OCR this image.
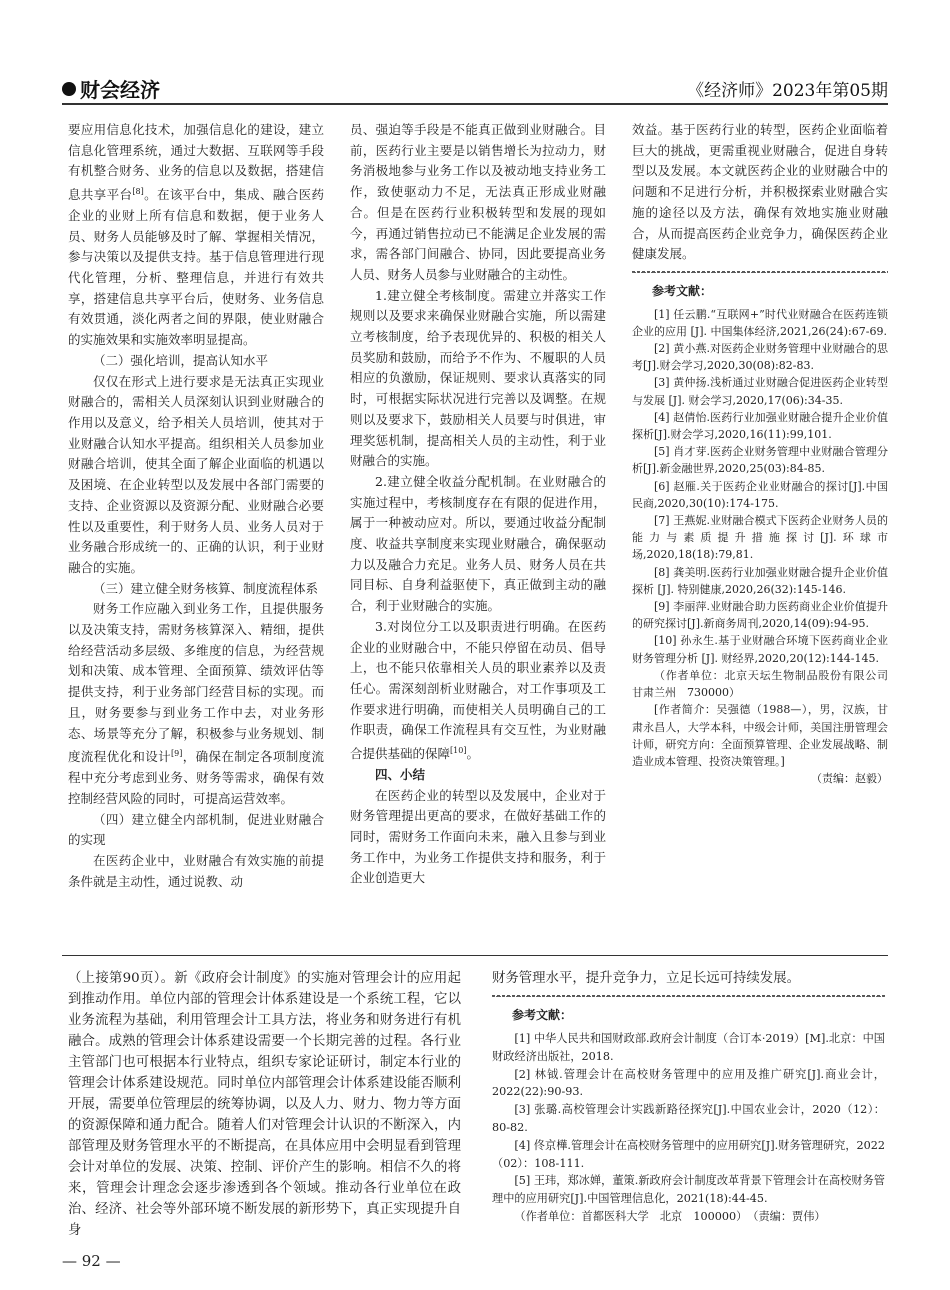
财会经济	《经济师》2023年第05期

要应用信息化技术，加强信息化的建设，建立信息化管理系统，通过大数据、互联网等手段有机整合财务、业务的信息以及数据，搭建信息共享平台[8]。在该平台中，集成、融合医药企业的业财上所有信息和数据，便于业务人员、财务人员能够及时了解、掌握相关情况，参与决策以及提供支持。基于信息管理进行现代化管理，分析、整理信息，并进行有效共享，搭建信息共享平台后，使财务、业务信息有效贯通，淡化两者之间的界限，使业财融合的实施效果和实施效率明显提高。

（二）强化培训，提高认知水平

仅仅在形式上进行要求是无法真正实现业财融合的，需相关人员深刻认识到业财融合的作用以及意义，给予相关人员培训，使其对于业财融合认知水平提高。组织相关人员参加业财融合培训，使其全面了解企业面临的机遇以及困境、在企业转型以及发展中各部门需要的支持、企业资源以及资源分配、业财融合必要性以及重要性，利于财务人员、业务人员对于业务融合形成统一的、正确的认识，利于业财融合的实施。

（三）建立健全财务核算、制度流程体系

财务工作应融入到业务工作，且提供服务以及决策支持，需财务核算深入、精细，提供给经营活动多层级、多维度的信息，为经营规划和决策、成本管理、全面预算、绩效评估等提供支持，利于业务部门经营目标的实现。而且，财务要参与到业务工作中去，对业务形态、场景等充分了解，积极参与业务规划、制度流程优化和设计[9]，确保在制定各项制度流程中充分考虑到业务、财务等需求，确保有效控制经营风险的同时，可提高运营效率。

（四）建立健全内部机制，促进业财融合的实现

在医药企业中，业财融合有效实施的前提条件就是主动性，通过说教、动

员、强迫等手段是不能真正做到业财融合。目前，医药行业主要是以销售增长为拉动力，财务消极地参与业务工作以及被动地支持业务工作，致使驱动力不足，无法真正形成业财融合。但是在医药行业积极转型和发展的现如今，再通过销售拉动已不能满足企业发展的需求，需各部门间融合、协同，因此要提高业务人员、财务人员参与业财融合的主动性。

1.建立健全考核制度。需建立并落实工作规则以及要求来确保业财融合实施，所以需建立考核制度，给予表现优异的、积极的相关人员奖励和鼓励，而给予不作为、不履职的人员相应的负激励，保证规则、要求认真落实的同时，可根据实际状况进行完善以及调整。在规则以及要求下，鼓励相关人员要与时俱进，审理奖惩机制，提高相关人员的主动性，利于业财融合的实施。

2.建立健全收益分配机制。在业财融合的实施过程中，考核制度存在有限的促进作用，属于一种被动应对。所以，要通过收益分配制度、收益共享制度来实现业财融合，确保驱动力以及融合力充足。业务人员、财务人员在共同目标、自身利益驱使下，真正做到主动的融合，利于业财融合的实施。

3.对岗位分工以及职责进行明确。在医药企业的业财融合中，不能只停留在动员、倡导上，也不能只依靠相关人员的职业素养以及责任心。需深刻剖析业财融合，对工作事项及工作要求进行明确，而使相关人员明确自己的工作职责，确保工作流程具有交互性，为业财融合提供基础的保障[10]。

四、小结

在医药企业的转型以及发展中，企业对于财务管理提出更高的要求，在做好基础工作的同时，需财务工作面向未来，融入且参与到业务工作中，为业务工作提供支持和服务，利于企业创造更大

效益。基于医药行业的转型，医药企业面临着巨大的挑战，更需重视业财融合，促进自身转型以及发展。本文就医药企业的业财融合中的问题和不足进行分析，并积极探索业财融合实施的途径以及方法，确保有效地实施业财融合，从而提高医药企业竞争力，确保医药企业健康发展。

参考文献：

[1] 任云鹏.“互联网+”时代业财融合在医药连锁企业的应用 [J]. 中国集体经济,2021,26(24):67-69.

[2] 黄小燕.对医药企业财务管理中业财融合的思考[J].财会学习,2020,30(08):82-83.

[3] 黄仲扬.浅析通过业财融合促进医药企业转型与发展 [J]. 财会学习,2020,17(06):34-35.

[4] 赵倩怡.医药行业加强业财融合提升企业价值探析[J].财会学习,2020,16(11):99,101.

[5] 肖才芽.医药企业财务管理中业财融合管理分析[J].新金融世界,2020,25(03):84-85.

[6] 赵雁.关于医药企业业财融合的探讨[J].中国民商,2020,30(10):174-175.

[7] 王燕妮.业财融合模式下医药企业财务人员的能力与素质提升措施探讨[J].环球市场,2020,18(18):79,81.

[8] 龚美明.医药行业加强业财融合提升企业价值探析 [J]. 特别健康,2020,26(32):145-146.

[9] 李丽萍.业财融合助力医药商业企业价值提升的研究探讨[J].新商务周刊,2020,14(09):94-95.

[10] 孙永生.基于业财融合环境下医药商业企业财务管理分析 [J]. 财经界,2020,20(12):144-145.

（作者单位：北京天坛生物制品股份有限公司　甘肃兰州　730000）

[作者简介：吴强德（1988—），男，汉族，甘肃永昌人，大学本科，中级会计师，美国注册管理会计师，研究方向：全面预算管理、企业发展战略、制造业成本管理、投资决策管理。]

（责编：赵毅）

（上接第90页）。新《政府会计制度》的实施对管理会计的应用起到推动作用。单位内部的管理会计体系建设是一个系统工程，它以业务流程为基础，利用管理会计工具方法，将业务和财务进行有机融合。成熟的管理会计体系建设需要一个长期完善的过程。各行业主管部门也可根据本行业特点，组织专家论证研讨，制定本行业的管理会计体系建设规范。同时单位内部管理会计体系建设能否顺利开展，需要单位管理层的统筹协调，以及人力、财力、物力等方面的资源保障和通力配合。随着人们对管理会计认识的不断深入，内部管理及财务管理水平的不断提高，在具体应用中会明显看到管理会计对单位的发展、决策、控制、评价产生的影响。相信不久的将来，管理会计理念会逐步渗透到各个领域。推动各行业单位在政治、经济、社会等外部环境不断发展的新形势下，真正实现提升自身
财务管理水平，提升竞争力，立足长远可持续发展。
参考文献：

[1] 中华人民共和国财政部.政府会计制度（合订本·2019）[M].北京：中国财政经济出版社，2018.

[2] 林钺.管理会计在高校财务管理中的应用及推广研究[J].商业会计，2022(22):90-93.

[3] 张璐.高校管理会计实践新路径探究[J].中国农业会计，2020（12）：80-82.

[4] 佟京樺.管理会计在高校财务管理中的应用研究[J].财务管理研究，2022（02）：108-111.

[5] 王玮，郑冰婵，董策.新政府会计制度改革背景下管理会计在高校财务管理中的应用研究[J].中国管理信息化，2021(18):44-45.

（作者单位：首都医科大学　北京　100000）　（责编：贾伟）

— 92 —
